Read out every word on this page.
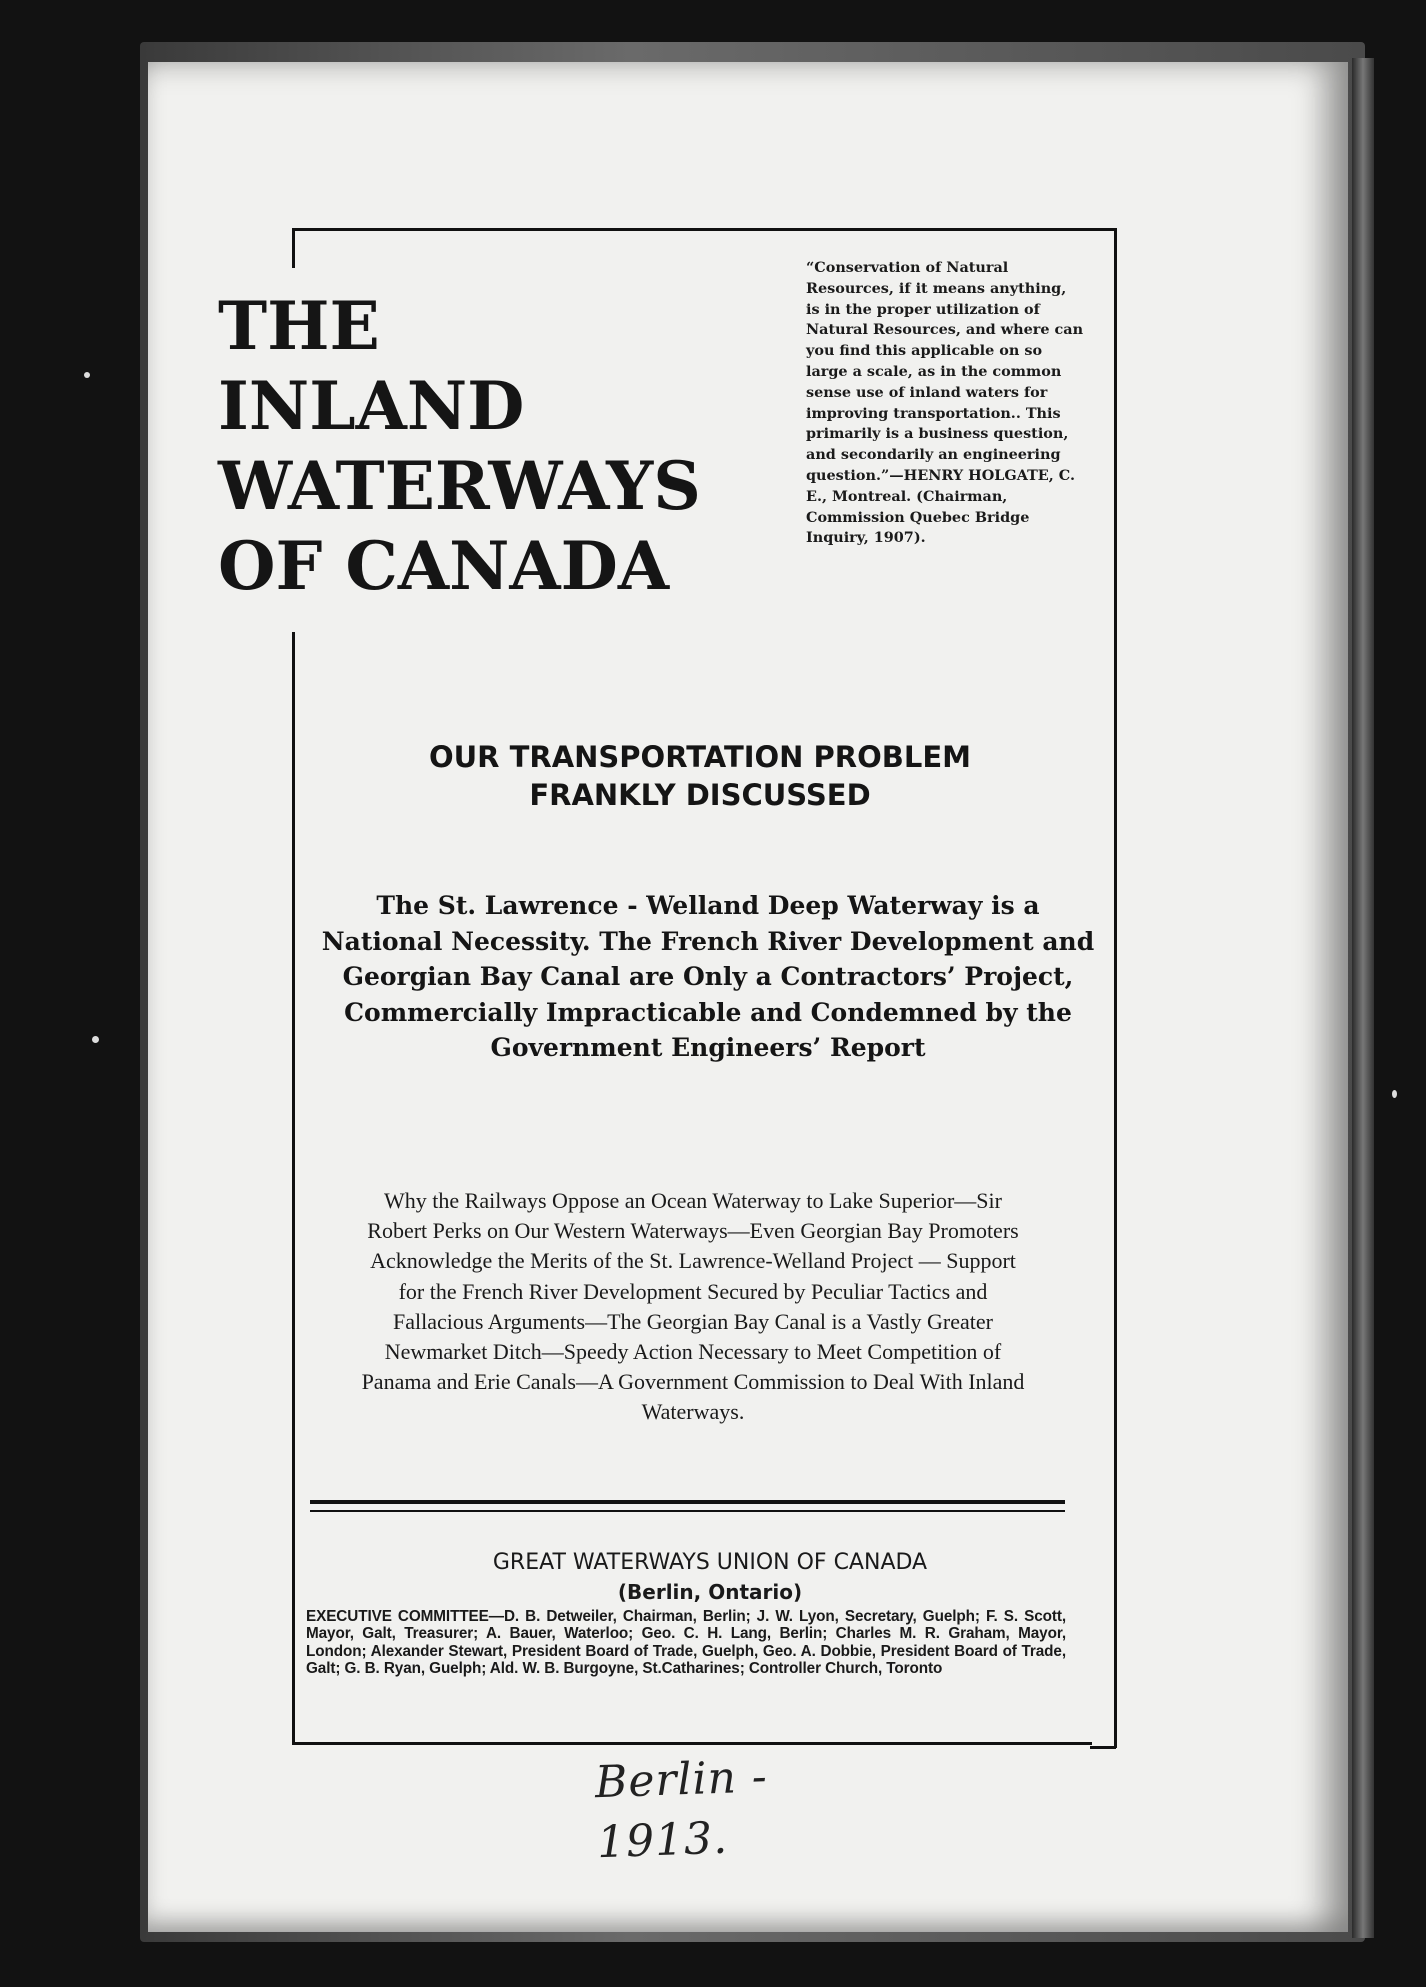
THE
INLAND
WATERWAYS
OF CANADA

“Conservation of Natural Resources, if it means anything, is in the proper utilization of Natural Resources, and where can you find this applicable on so large a scale, as in the common sense use of inland waters for improving transportation.. This primarily is a business question, and secondarily an engineering question.”—HENRY HOLGATE, C. E., Montreal. (Chairman, Commission Quebec Bridge Inquiry, 1907).

OUR TRANSPORTATION PROBLEM
FRANKLY DISCUSSED

The St. Lawrence - Welland Deep Waterway is a National Necessity. The French River Development and Georgian Bay Canal are Only a Contractors’ Project, Commercially Impracticable and Condemned by the Government Engineers’ Report

Why the Railways Oppose an Ocean Waterway to Lake Superior—Sir Robert Perks on Our Western Waterways—Even Georgian Bay Promoters Acknowledge the Merits of the St. Lawrence-Welland Project — Support for the French River Development Secured by Peculiar Tactics and Fallacious Arguments—The Georgian Bay Canal is a Vastly Greater Newmarket Ditch—Speedy Action Necessary to Meet Competition of Panama and Erie Canals—A Government Commission to Deal With Inland Waterways.

GREAT WATERWAYS UNION OF CANADA

(Berlin, Ontario)

EXECUTIVE COMMITTEE—D. B. Detweiler, Chairman, Berlin; J. W. Lyon, Secretary, Guelph; F. S. Scott, Mayor, Galt, Treasurer; A. Bauer, Waterloo; Geo. C. H. Lang, Berlin; Charles M. R. Graham, Mayor, London; Alexander Stewart, President Board of Trade, Guelph, Geo. A. Dobbie, President Board of Trade, Galt; G. B. Ryan, Guelph; Ald. W. B. Burgoyne, St.Catharines; Controller Church, Toronto

Berlin - 1913.
